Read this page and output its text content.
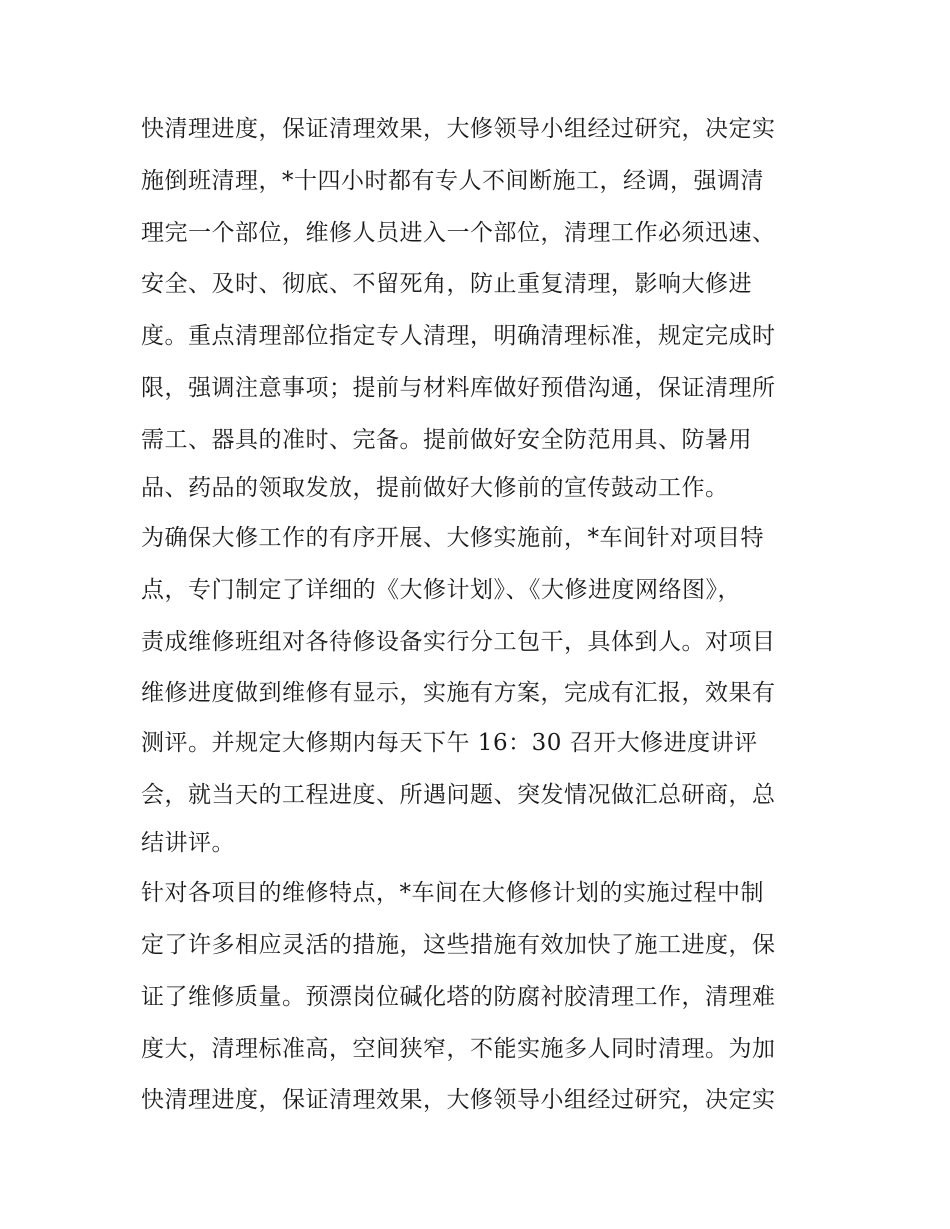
快清理进度，保证清理效果，大修领导小组经过研究，决定实
施倒班清理，*十四小时都有专人不间断施工，经调，强调清
理完一个部位，维修人员进入一个部位，清理工作必须迅速、
安全、及时、彻底、不留死角，防止重复清理，影响大修进
度。重点清理部位指定专人清理，明确清理标准，规定完成时
限，强调注意事项；提前与材料库做好预借沟通，保证清理所
需工、器具的准时、完备。提前做好安全防范用具、防暑用
品、药品的领取发放，提前做好大修前的宣传鼓动工作。
为确保大修工作的有序开展、大修实施前，*车间针对项目特
点，专门制定了详细的《大修计划》、《大修进度网络图》，
责成维修班组对各待修设备实行分工包干，具体到人。对项目
维修进度做到维修有显示，实施有方案，完成有汇报，效果有
测评。并规定大修期内每天下午 16：30 召开大修进度讲评
会，就当天的工程进度、所遇问题、突发情况做汇总研商，总
结讲评。
针对各项目的维修特点，*车间在大修修计划的实施过程中制
定了许多相应灵活的措施，这些措施有效加快了施工进度，保
证了维修质量。预漂岗位碱化塔的防腐衬胶清理工作，清理难
度大，清理标准高，空间狭窄，不能实施多人同时清理。为加
快清理进度，保证清理效果，大修领导小组经过研究，决定实
